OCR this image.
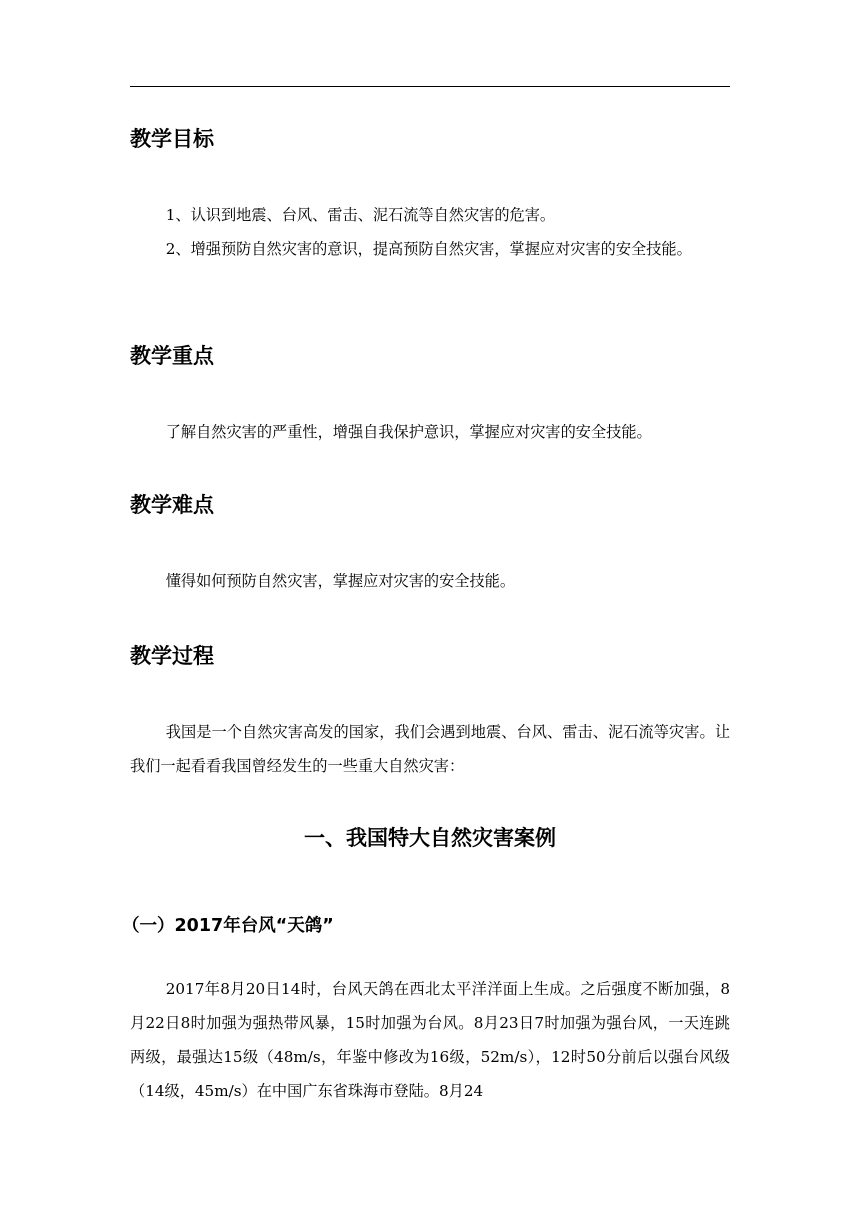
教学目标

1、认识到地震、台风、雷击、泥石流等自然灾害的危害。

2、增强预防自然灾害的意识，提高预防自然灾害，掌握应对灾害的安全技能。

教学重点

了解自然灾害的严重性，增强自我保护意识，掌握应对灾害的安全技能。

教学难点

懂得如何预防自然灾害，掌握应对灾害的安全技能。

教学过程

我国是一个自然灾害高发的国家，我们会遇到地震、台风、雷击、泥石流等灾害。让我们一起看看我国曾经发生的一些重大自然灾害：

一、我国特大自然灾害案例
（一）2017年台风“天鸽”

2017年8月20日14时，台风天鸽在西北太平洋洋面上生成。之后强度不断加强，8月22日8时加强为强热带风暴，15时加强为台风。8月23日7时加强为强台风，一天连跳两级，最强达15级（48m/s，年鉴中修改为16级，52m/s），12时50分前后以强台风级（14级，45m/s）在中国广东省珠海市登陆。8月24
